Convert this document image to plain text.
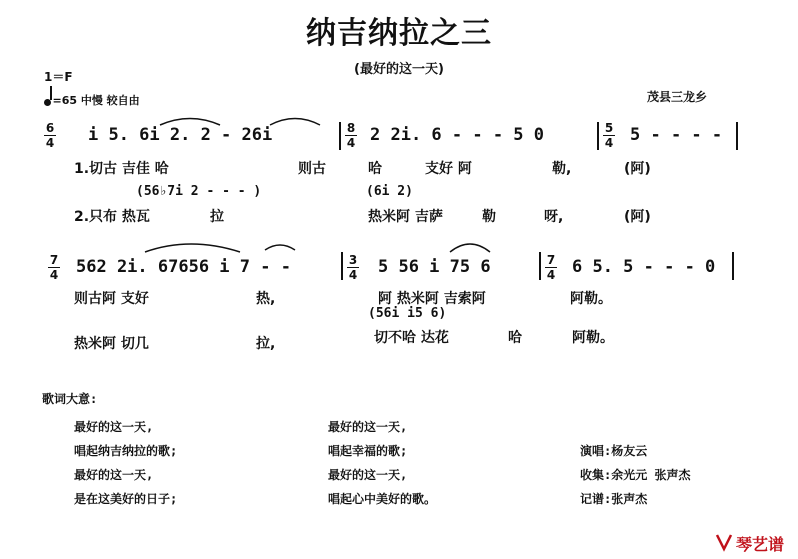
纳吉纳拉之三
(最好的这一天)
1＝F
=65 中慢 较自由	茂县三龙乡
6
4 i 5. 6i 2. 2 - 26i	8
4 2 2i. 6 - - - 5 0	5
4 5 - - - -
1.切古 吉佳 哈	则古	哈	支好 阿	勒,	(阿)
(56♭7i 2 - - - )	(6i 2)
2.只布 热瓦	拉	热米阿 吉萨	勒	呀,	(阿)
7
4 562 2i. 67656 i 7 - -	3
4 5 56 i 75 6	7
4 6 5. 5 - - - 0
则古阿 支好	热,	阿 热米阿 吉索阿	阿勒。
(56i i5 6)
热米阿 切几	拉,	切不哈 达花	哈	阿勒。
歌词大意:
最好的这一天,
唱起纳吉纳拉的歌;
最好的这一天,
是在这美好的日子;
最好的这一天,
唱起幸福的歌;
最好的这一天,
唱起心中美好的歌。
演唱:杨友云
收集:余光元 张声杰
记谱:张声杰
琴艺谱
